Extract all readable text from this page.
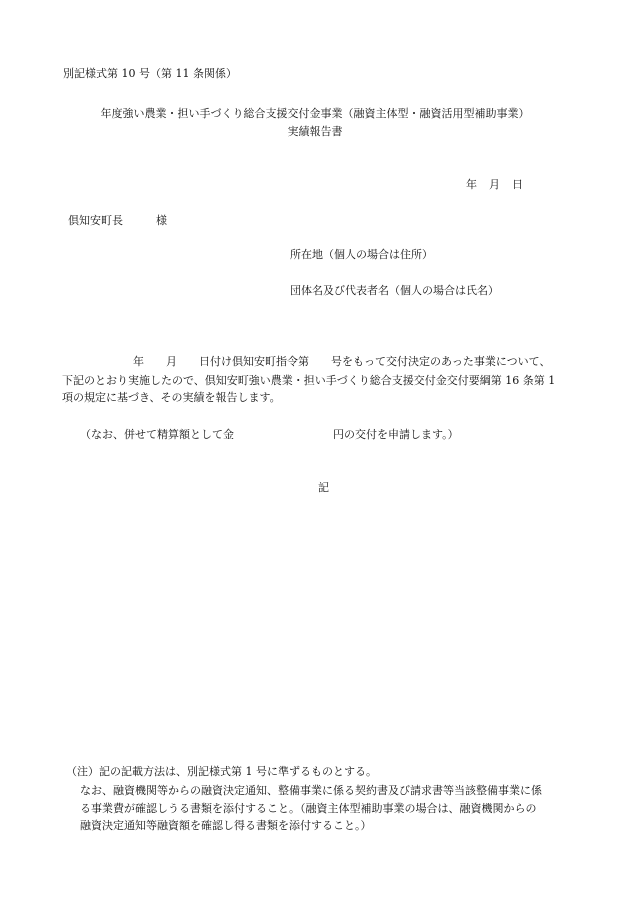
別記様式第 10 号（第 11 条関係）
年度強い農業・担い手づくり総合支援交付金事業（融資主体型・融資活用型補助事業）
実績報告書
年　月　日
倶知安町長　　　様
所在地（個人の場合は住所）
団体名及び代表者名（個人の場合は氏名）
年　　月　　日付け倶知安町指令第　　号をもって交付決定のあった事業について、
下記のとおり実施したので、倶知安町強い農業・担い手づくり総合支援交付金交付要綱第 16 条第 1
項の規定に基づき、その実績を報告します。
（なお、併せて精算額として金　　　　　　　　　円の交付を申請します。）
記
（注）記の記載方法は、別記様式第 1 号に準ずるものとする。
なお、融資機関等からの融資決定通知、整備事業に係る契約書及び請求書等当該整備事業に係
る事業費が確認しうる書類を添付すること。（融資主体型補助事業の場合は、融資機関からの
融資決定通知等融資額を確認し得る書類を添付すること。）
